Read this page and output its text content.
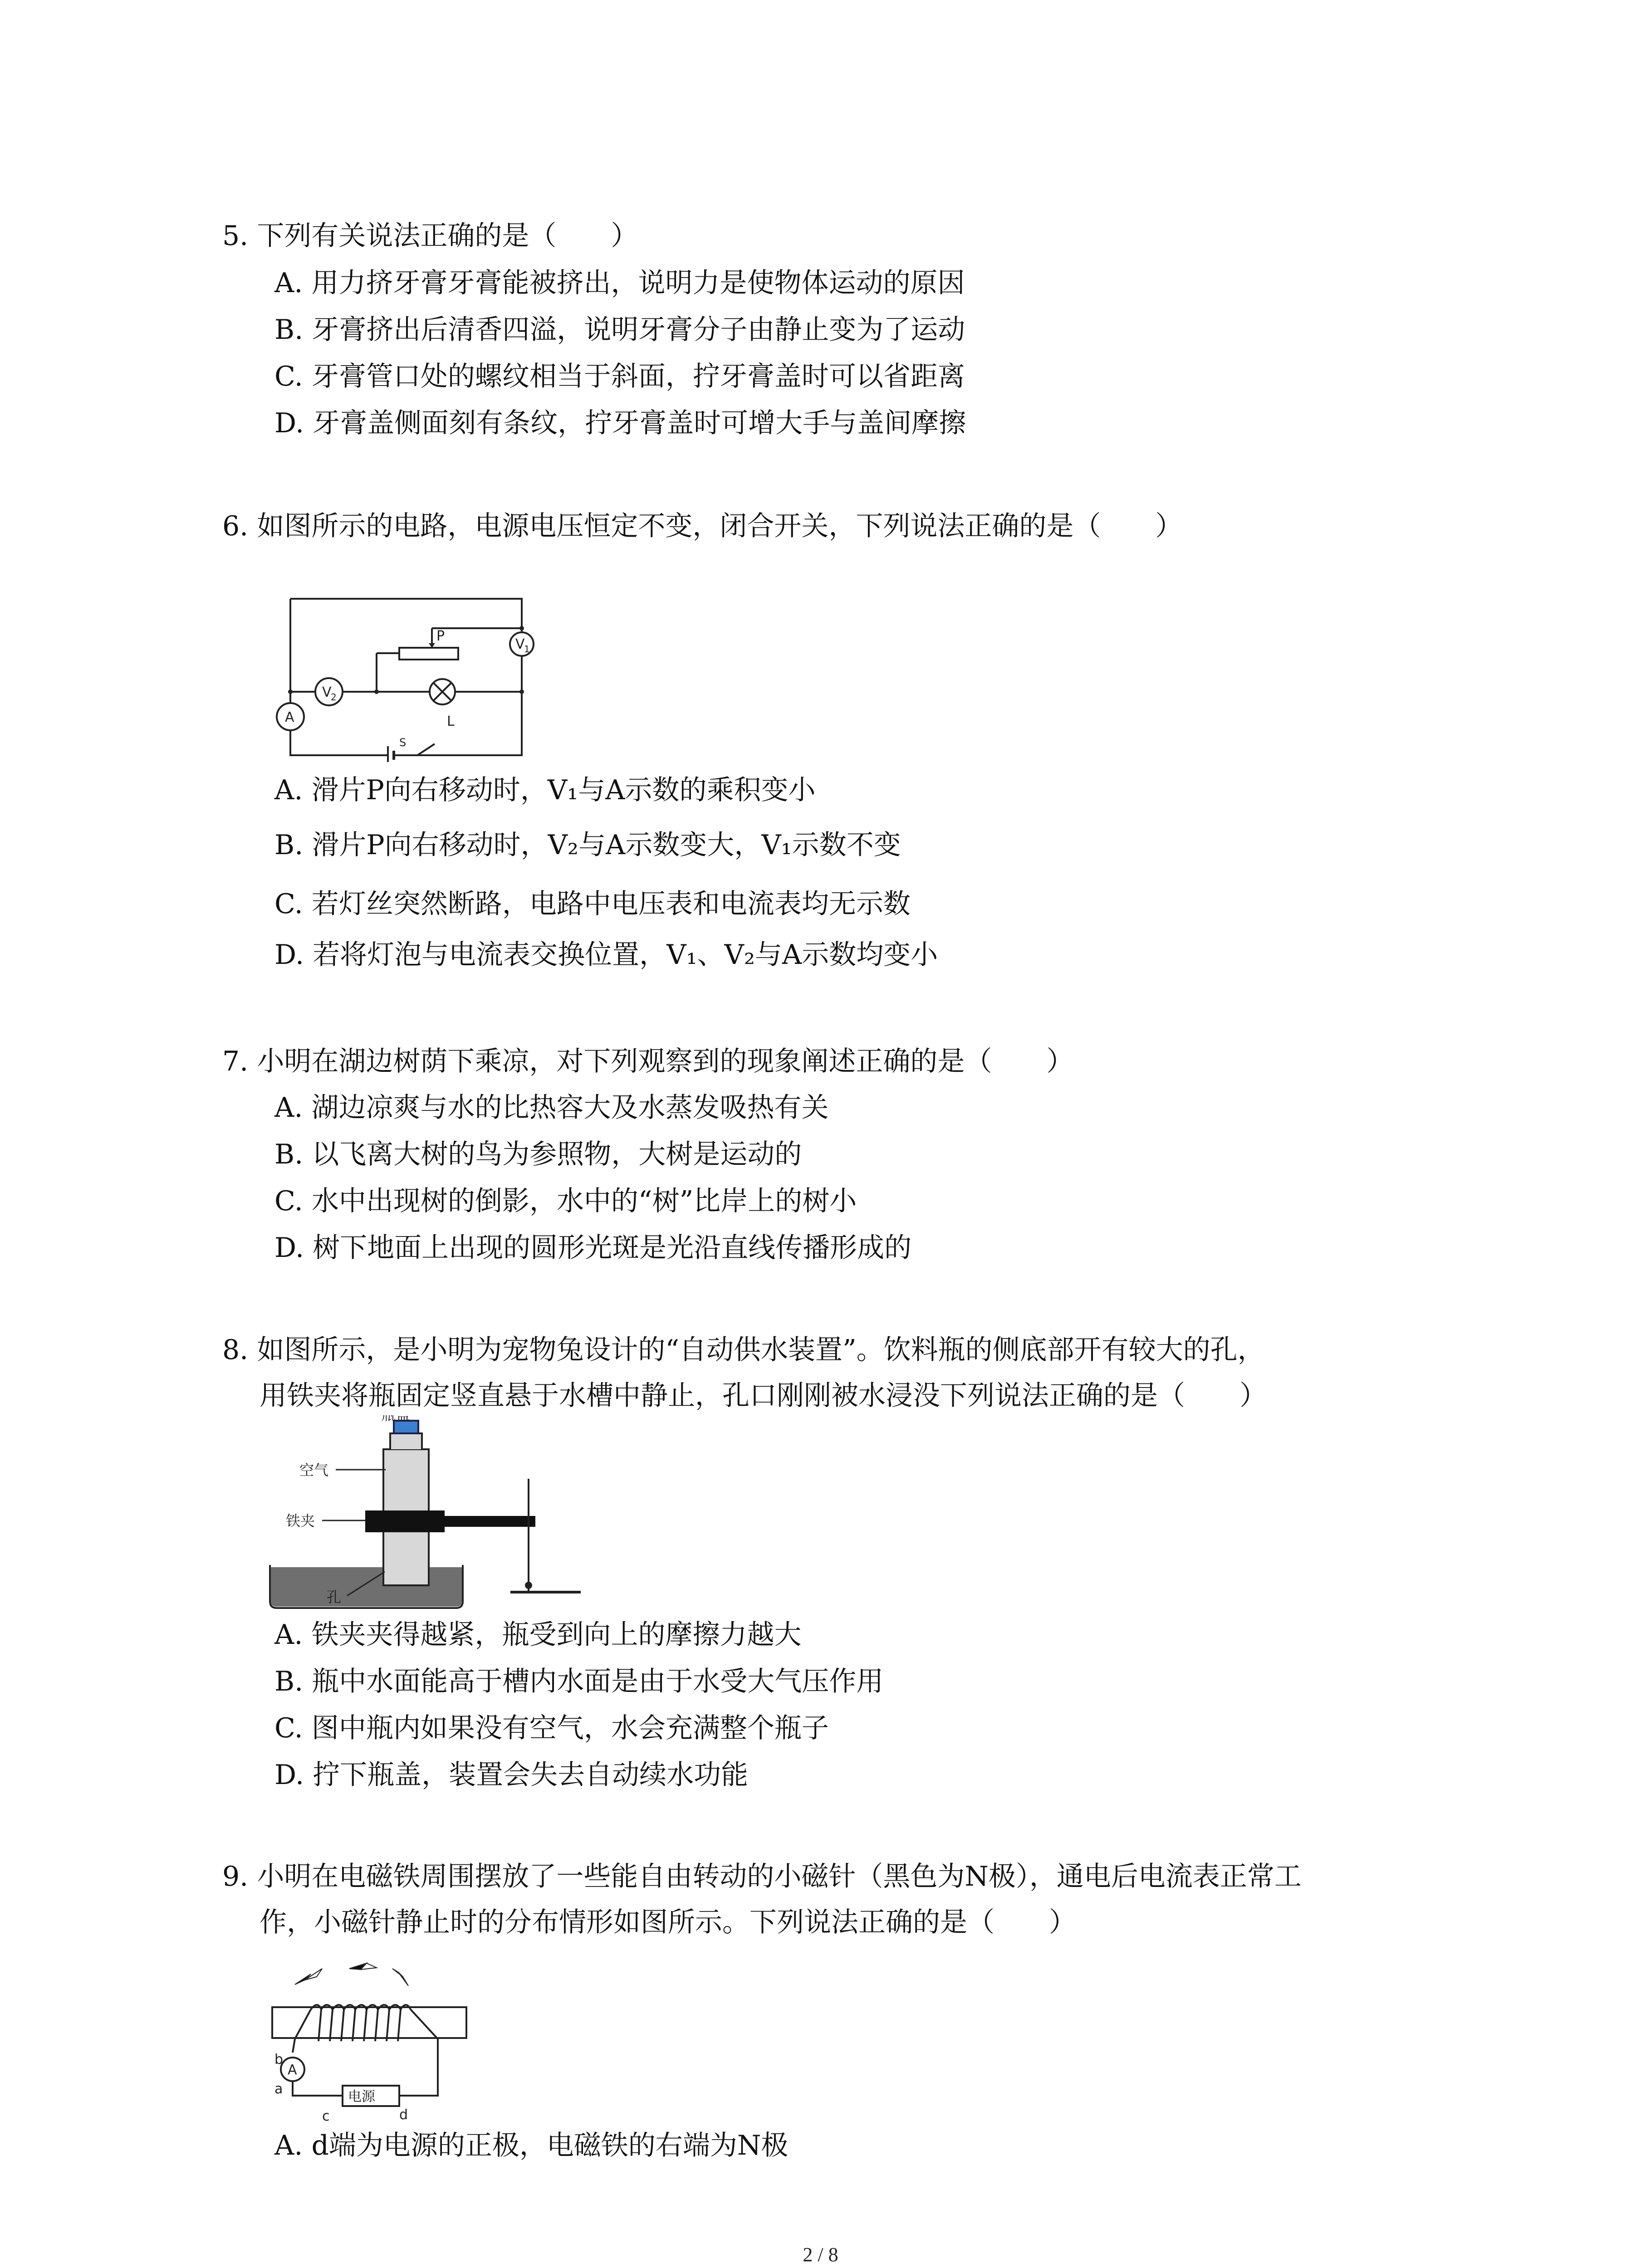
5. 下列有关说法正确的是（　　）
A. 用力挤牙膏牙膏能被挤出，说明力是使物体运动的原因
B. 牙膏挤出后清香四溢，说明牙膏分子由静止变为了运动
C. 牙膏管口处的螺纹相当于斜面，拧牙膏盖时可以省距离
D. 牙膏盖侧面刻有条纹，拧牙膏盖时可增大手与盖间摩擦
6. 如图所示的电路，电源电压恒定不变，闭合开关，下列说法正确的是（　　）
P
V
1
V
2
A	L
S
A. 滑片P向右移动时，V₁与A示数的乘积变小
B. 滑片P向右移动时，V₂与A示数变大，V₁示数不变
C. 若灯丝突然断路，电路中电压表和电流表均无示数
D. 若将灯泡与电流表交换位置，V₁、V₂与A示数均变小
7. 小明在湖边树荫下乘凉，对下列观察到的现象阐述正确的是（　　）
A. 湖边凉爽与水的比热容大及水蒸发吸热有关
B. 以飞离大树的鸟为参照物，大树是运动的
C. 水中出现树的倒影，水中的“树”比岸上的树小
D. 树下地面上出现的圆形光斑是光沿直线传播形成的
8. 如图所示，是小明为宠物兔设计的“自动供水装置”。饮料瓶的侧底部开有较大的孔，
用铁夹将瓶固定竖直悬于水槽中静止，孔口刚刚被水浸没下列说法正确的是（　　）
空气
铁夹
孔
A. 铁夹夹得越紧，瓶受到向上的摩擦力越大
B. 瓶中水面能高于槽内水面是由于水受大气压作用
C. 图中瓶内如果没有空气，水会充满整个瓶子
D. 拧下瓶盖，装置会失去自动续水功能
9. 小明在电磁铁周围摆放了一些能自由转动的小磁针（黑色为N极），通电后电流表正常工
作，小磁针静止时的分布情形如图所示。下列说法正确的是（　　）
A
电源
b
a
c	d
A. d端为电源的正极，电磁铁的右端为N极
2 / 8
